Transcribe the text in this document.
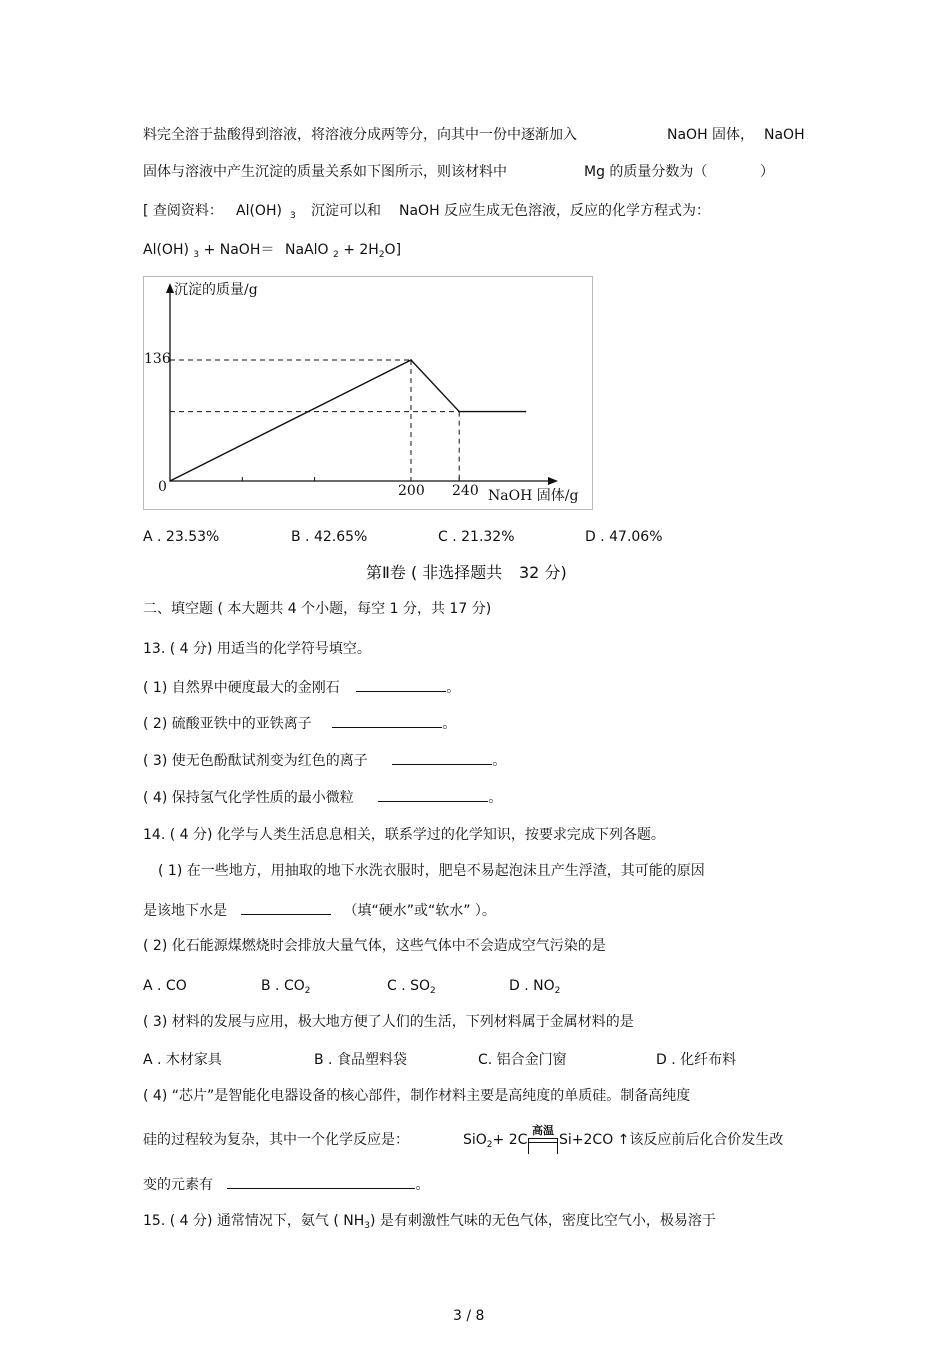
料完全溶于盐酸得到溶液，将溶液分成两等分，向其中一份中逐渐加入	NaOH 固体， NaOH
固体与溶液中产生沉淀的质量关系如下图所示，则该材料中	Mg 的质量分数为（	）
[ 查阅资料： Al(OH) $_3$ 沉淀可以和 NaOH 反应生成无色溶液，反应的化学方程式为：
Al(OH) $_3$ + NaOH＝ NaAlO $_2 + 2H_2O$]
沉淀的质量/g
NaOH 固体/g
136
0	200 240
A . 23.53%	B . 42.65%	C . 21.32%	D . 47.06%
第Ⅱ卷 ( 非选择题共 32 分)
二、填空题 ( 本大题共 4 个小题，每空 1 分，共 17 分)
13. ( 4 分) 用适当的化学符号填空。
( 1) 自然界中硬度最大的金刚石	。
( 2) 硫酸亚铁中的亚铁离子	。
( 3) 使无色酚酞试剂变为红色的离子	。
( 4) 保持氢气化学性质的最小微粒	。
14. ( 4 分) 化学与人类生活息息相关，联系学过的化学知识，按要求完成下列各题。
( 1) 在一些地方，用抽取的地下水洗衣服时，肥皂不易起泡沫且产生浮渣，其可能的原因
是该地下水是	（填“硬水”或“软水” ）。
( 2) 化石能源煤燃烧时会排放大量气体，这些气体中不会造成空气污染的是
A . CO	B . $CO_2$	C . $SO_2$	D . $NO_2$
( 3) 材料的发展与应用，极大地方便了人们的生活，下列材料属于金属材料的是
A . 木材家具	B . 食品塑料袋	C. 铝合金门窗	D . 化纤布料
( 4) “芯片”是智能化电器设备的核心部件，制作材料主要是高纯度的单质硅。制备高纯度
硅的过程较为复杂，其中一个化学反应是：	SiO$_2$+ 2C
高温
Si+2CO ↑该反应前后化合价发生改
变的元素有	。
15. ( 4 分) 通常情况下，氨气 ( $NH_3$) 是有刺激性气味的无色气体，密度比空气小，极易溶于
3 / 8
